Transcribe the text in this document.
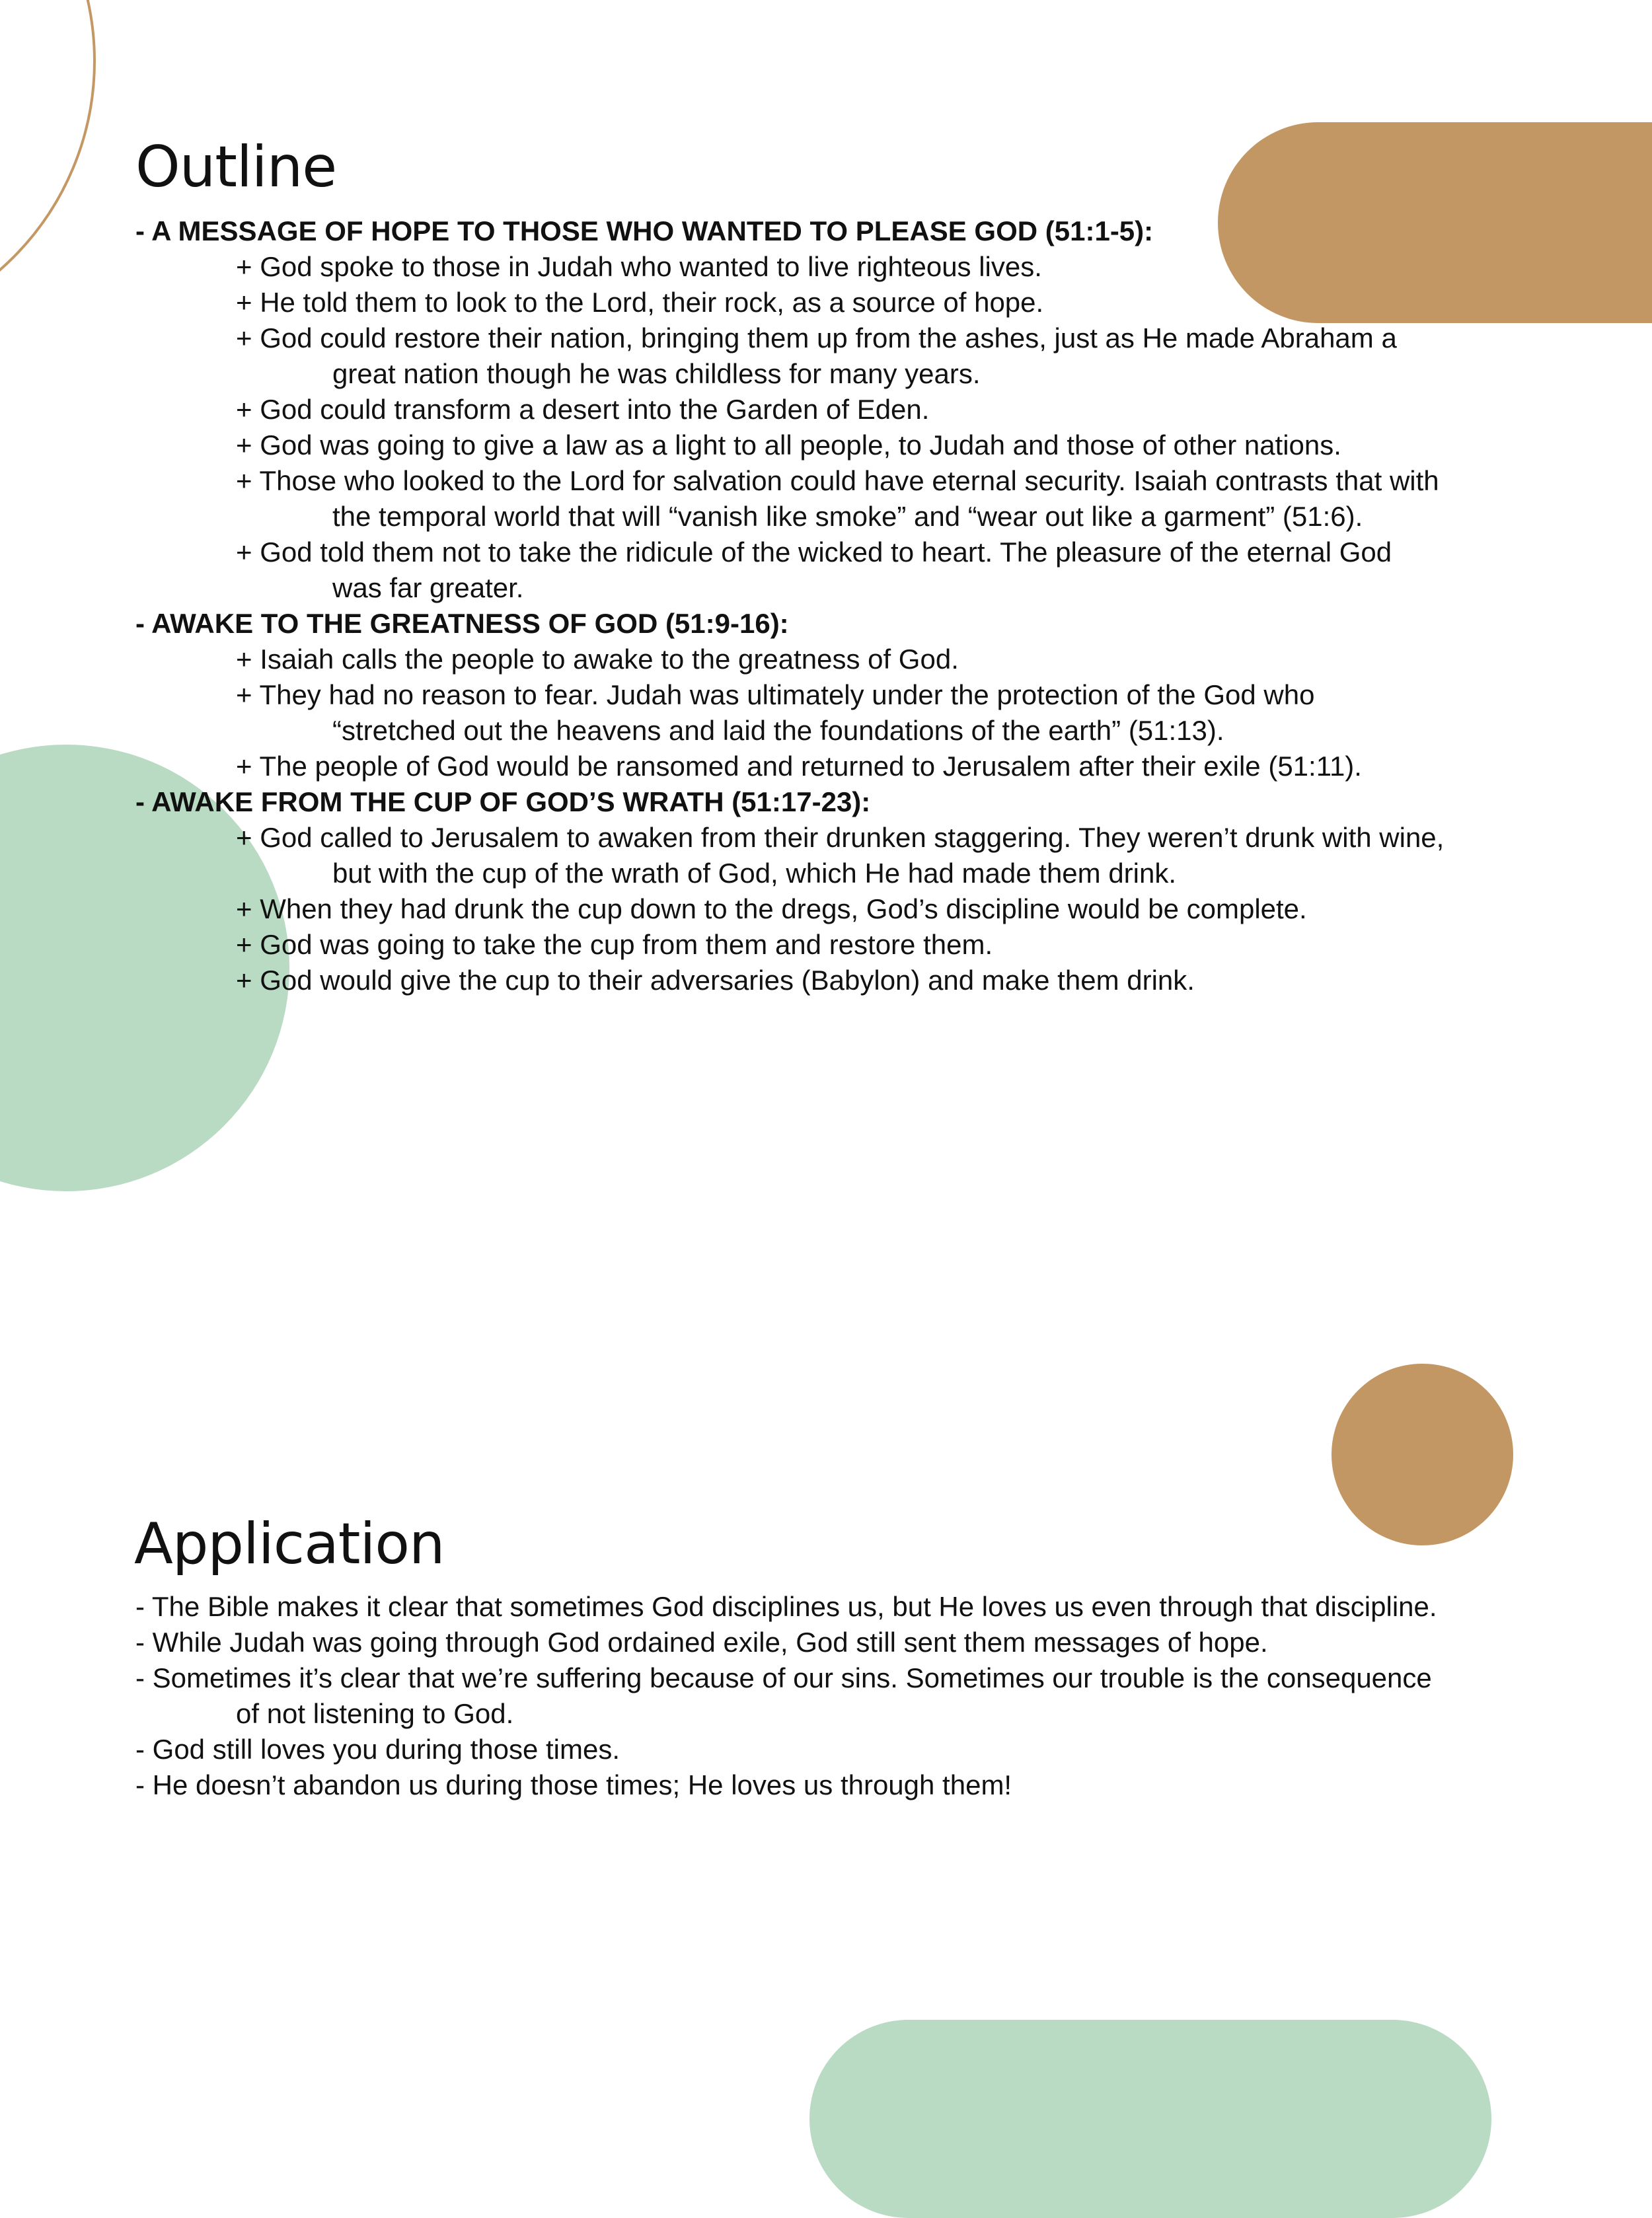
Outline
- A MESSAGE OF HOPE TO THOSE WHO WANTED TO PLEASE GOD (51:1-5):
+ God spoke to those in Judah who wanted to live righteous lives.
+ He told them to look to the Lord, their rock, as a source of hope.
+ God could restore their nation, bringing them up from the ashes, just as He made Abraham a
great nation though he was childless for many years.
+ God could transform a desert into the Garden of Eden.
+ God was going to give a law as a light to all people, to Judah and those of other nations.
+ Those who looked to the Lord for salvation could have eternal security. Isaiah contrasts that with
the temporal world that will “vanish like smoke” and “wear out like a garment” (51:6).
+ God told them not to take the ridicule of the wicked to heart. The pleasure of the eternal God
was far greater.
- AWAKE TO THE GREATNESS OF GOD (51:9-16):
+ Isaiah calls the people to awake to the greatness of God.
+ They had no reason to fear. Judah was ultimately under the protection of the God who
“stretched out the heavens and laid the foundations of the earth” (51:13).
+ The people of God would be ransomed and returned to Jerusalem after their exile (51:11).
- AWAKE FROM THE CUP OF GOD’S WRATH (51:17-23):
+ God called to Jerusalem to awaken from their drunken staggering. They weren’t drunk with wine,
but with the cup of the wrath of God, which He had made them drink.
+ When they had drunk the cup down to the dregs, God’s discipline would be complete.
+ God was going to take the cup from them and restore them.
+ God would give the cup to their adversaries (Babylon) and make them drink.
Application
- The Bible makes it clear that sometimes God disciplines us, but He loves us even through that discipline.
- While Judah was going through God ordained exile, God still sent them messages of hope.
- Sometimes it’s clear that we’re suffering because of our sins. Sometimes our trouble is the consequence
of not listening to God.
- God still loves you during those times.
- He doesn’t abandon us during those times; He loves us through them!
